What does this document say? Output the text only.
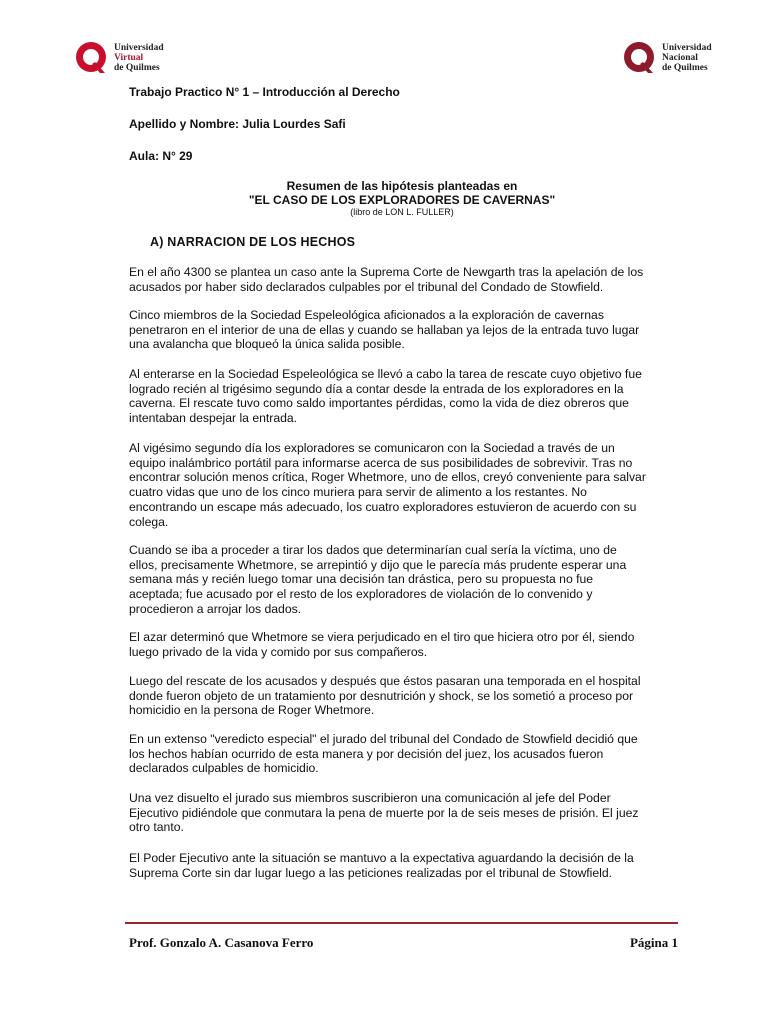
Universidad
Virtual
de Quilmes
Universidad
Nacional
de Quilmes

Trabajo Practico N° 1 – Introducción al Derecho

Apellido y Nombre: Julia Lourdes Safi

Aula: N° 29

Resumen de las hipótesis planteadas en
"EL CASO DE LOS EXPLORADORES DE CAVERNAS"
(libro de LON L. FULLER)
A) NARRACION DE LOS HECHOS

En el año 4300 se plantea un caso ante la Suprema Corte de Newgarth tras la apelación de los
acusados por haber sido declarados culpables por el tribunal del Condado de Stowfield.

Cinco miembros de la Sociedad Espeleológica aficionados a la exploración de cavernas
penetraron en el interior de una de ellas y cuando se hallaban ya lejos de la entrada tuvo lugar
una avalancha que bloqueó la única salida posible.

Al enterarse en la Sociedad Espeleológica se llevó a cabo la tarea de rescate cuyo objetivo fue
logrado recién al trigésimo segundo día a contar desde la entrada de los exploradores en la
caverna. El rescate tuvo como saldo importantes pérdidas, como la vida de diez obreros que
intentaban despejar la entrada.

Al vigésimo segundo día los exploradores se comunicaron con la Sociedad a través de un
equipo inalámbrico portátil para informarse acerca de sus posibilidades de sobrevivir. Tras no
encontrar solución menos crítica, Roger Whetmore, uno de ellos, creyó conveniente para salvar
cuatro vidas que uno de los cinco muriera para servir de alimento a los restantes. No
encontrando un escape más adecuado, los cuatro exploradores estuvieron de acuerdo con su
colega.

Cuando se iba a proceder a tirar los dados que determinarían cual sería la víctima, uno de
ellos, precisamente Whetmore, se arrepintió y dijo que le parecía más prudente esperar una
semana más y recién luego tomar una decisión tan drástica, pero su propuesta no fue
aceptada; fue acusado por el resto de los exploradores de violación de lo convenido y
procedieron a arrojar los dados.

El azar determinó que Whetmore se viera perjudicado en el tiro que hiciera otro por él, siendo
luego privado de la vida y comido por sus compañeros.

Luego del rescate de los acusados y después que éstos pasaran una temporada en el hospital
donde fueron objeto de un tratamiento por desnutrición y shock, se los sometió a proceso por
homicidio en la persona de Roger Whetmore.

En un extenso "veredicto especial" el jurado del tribunal del Condado de Stowfield decidió que
los hechos habían ocurrido de esta manera y por decisión del juez, los acusados fueron
declarados culpables de homicidio.

Una vez disuelto el jurado sus miembros suscribieron una comunicación al jefe del Poder
Ejecutivo pidiéndole que conmutara la pena de muerte por la de seis meses de prisión. El juez
otro tanto.

El Poder Ejecutivo ante la situación se mantuvo a la expectativa aguardando la decisión de la
Suprema Corte sin dar lugar luego a las peticiones realizadas por el tribunal de Stowfield.

Prof. Gonzalo A. Casanova Ferro	Página 1
